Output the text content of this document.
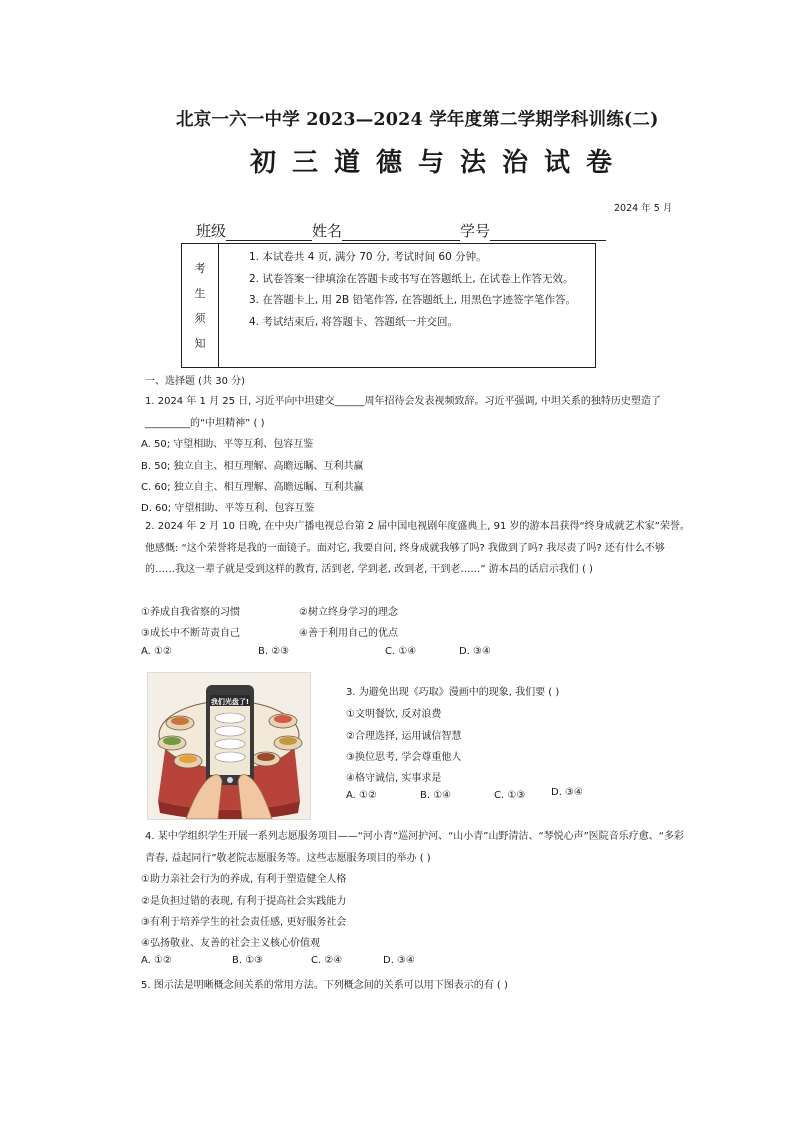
北京一六一中学 2023—2024 学年度第二学期学科训练(二)
初三道德与法治试卷
2024 年 5 月
班级	姓名	学号
考
生
须
知
1. 本试卷共 4 页, 满分 70 分, 考试时间 60 分钟。
2. 试卷答案一律填涂在答题卡或书写在答题纸上, 在试卷上作答无效。
3. 在答题卡上, 用 2B 铅笔作答, 在答题纸上, 用黑色字迹签字笔作答。
4. 考试结束后, 将答题卡、答题纸一并交回。
一、选择题 (共 30 分)
1. 2024 年 1 月 25 日, 习近平向中坦建交______周年招待会发表视频致辞。习近平强调, 中坦关系的独特历史塑造了_________的“中坦精神” ( )
A. 50; 守望相助、平等互利、包容互鉴
B. 50; 独立自主、相互理解、高瞻远瞩、互利共赢
C. 60; 独立自主、相互理解、高瞻远瞩、互利共赢
D. 60; 守望相助、平等互利、包容互鉴
2. 2024 年 2 月 10 日晚, 在中央广播电视总台第 2 届中国电视剧年度盛典上, 91 岁的游本昌获得“终身成就艺术家”荣誉。他感慨: “这个荣誉将是我的一面镜子。面对它, 我要自问, 终身成就我够了吗? 我做到了吗? 我尽责了吗? 还有什么不够的……我这一辈子就是受到这样的教育, 活到老, 学到老, 改到老, 干到老……” 游本昌的话启示我们 ( )
①养成自我省察的习惯	②树立终身学习的理念
③成长中不断苛责自己	④善于利用自己的优点
A. ①②	B. ②③	C. ①④	D. ③④
我们光盘了!
3. 为避免出现《巧取》漫画中的现象, 我们要 ( )
①文明餐饮, 反对浪费
②合理选择, 运用诚信智慧
③换位思考, 学会尊重他人
④格守诚信, 实事求是
A. ①②	B. ①④	C. ①③	D. ③④
4. 某中学组织学生开展一系列志愿服务项目——“河小青”巡河护河、“山小青”山野清洁、“琴悦心声”医院音乐疗愈、“多彩青春, 益起同行”敬老院志愿服务等。这些志愿服务项目的举办 ( )
①助力亲社会行为的养成, 有利于塑造健全人格
②是负担过错的表现, 有利于提高社会实践能力
③有利于培养学生的社会责任感, 更好服务社会
④弘扬敬业、友善的社会主义核心价值观
A. ①②	B. ①③	C. ②④	D. ③④
5. 图示法是明晰概念间关系的常用方法。下列概念间的关系可以用下图表示的有 ( )
